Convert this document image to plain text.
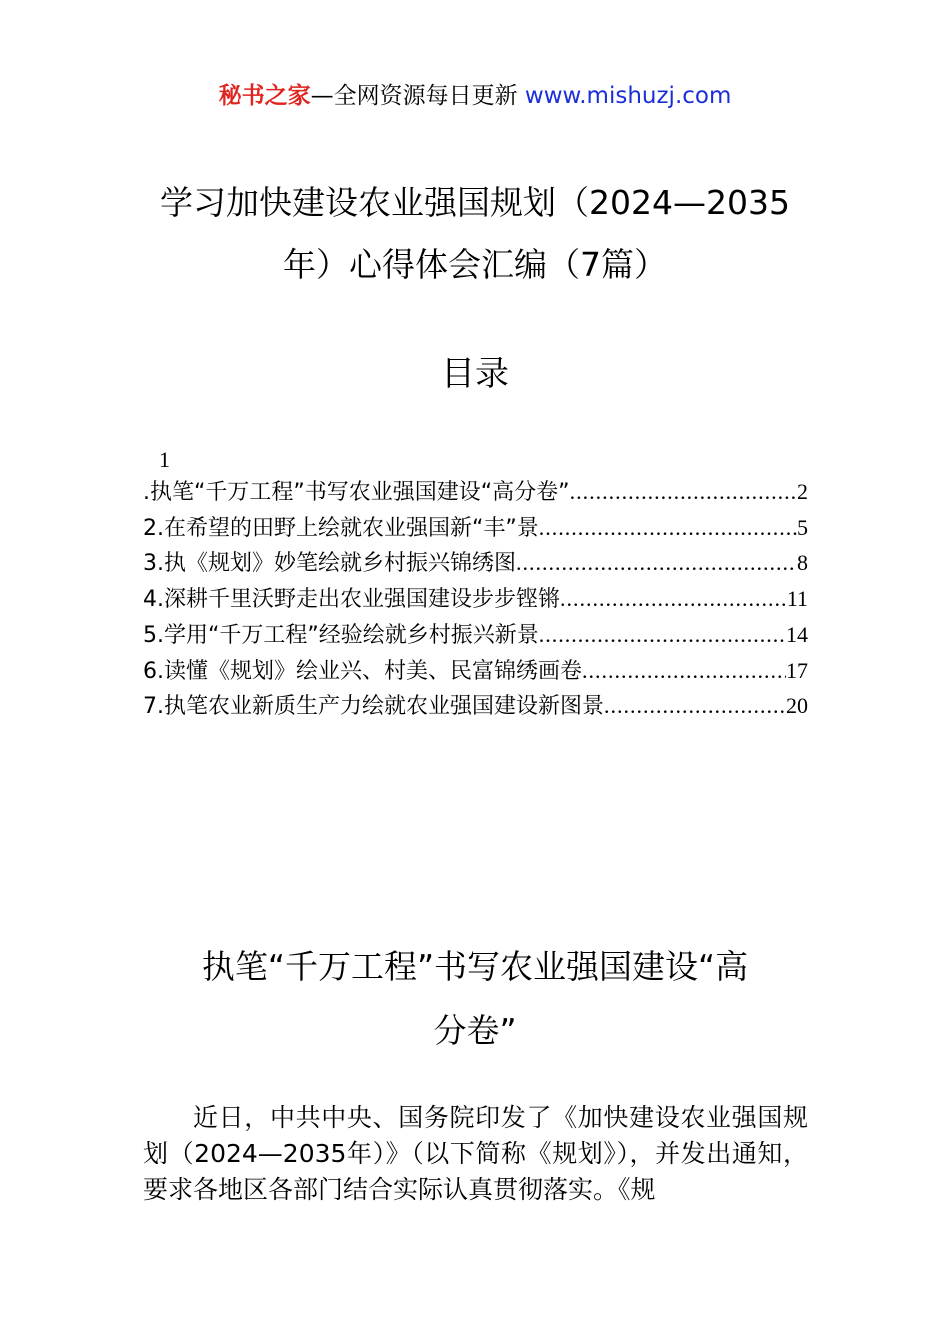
秘书之家—全网资源每日更新 www.mishuzj.com
学习加快建设农业强国规划（2024—2035
年）心得体会汇编（7篇）
目录
1
.执笔“千万工程”书写农业强国建设“高分卷” .....	2
2.在希望的田野上绘就农业强国新“丰”景 .....	5
3.执《规划》妙笔绘就乡村振兴锦绣图 .....	8
4.深耕千里沃野走出农业强国建设步步铿锵 .....	11
5.学用“千万工程”经验绘就乡村振兴新景 .....	14
6.读懂《规划》绘业兴、村美、民富锦绣画卷 .....	17
7.执笔农业新质生产力绘就农业强国建设新图景 .....	20
执笔“千万工程”书写农业强国建设“高
分卷”
近日，中共中央、国务院印发了《加快建设农业强国规划（2024—2035年）》（以下简称《规划》），并发出通知，要求各地区各部门结合实际认真贯彻落实。《规
